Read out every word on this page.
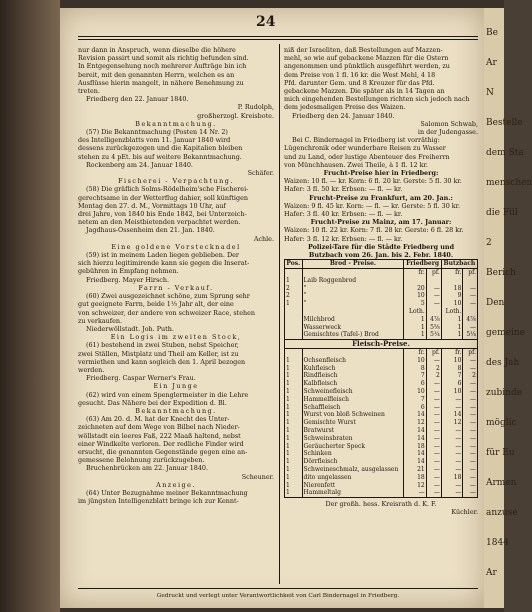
24

nur dann in Anspruch, wenn dieselbe die höhere

Revision passirt und somit als richtig befunden sind.

In Entgegensehung noch mehrerer Aufträge bin ich

bereit, mit den genannten Herrn, welchen es an

Ausflüsse hierin mangelt, in nähere Benehmung zu

treten.

Friedberg den 22. Januar 1840.

P. Rudolph,

großherzogl. Kreisbote.

Bekanntmachung.

(57) Die Bekanntmachung (Posten 14 Nr. 2)

des Intelligenzblatts vom 11. Januar 1840 wird

dessens zurückgezogen und die Kapitalien bleiben

stehen zu 4 pEt. bis auf weitere Bekanntmachung.

Rockenberg am 24. Januar 1840.

Schäfer.

Fischerei - Verpachtung.

(58) Die gräflich Solms-Rödelheim'sche Fischerei-

gerechtsame in der Wetterflug dahier, soll künftigen

Montag den 27. d. M., Vormittags 10 Uhr, auf

drei Jahre, von 1840 bis Ende 1842, bei Unterzeich-

netem an den Meistbietenden verpachtet werden.

Jagdhaus-Ossenheim den 21. Jan. 1840.

Achle.

Eine goldene Vorstecknadel

(59) ist in meinem Laden liegen geblieben. Der

sich hierzu legitimirende kann sie gegen die Inserat-

gebühren in Empfang nehmen.

Friedberg. Mayer Hirsch.

Farrn - Verkauf.

(60) Zwei ausgezeichnet schöne, zum Sprung sehr

gut geeignete Farrn, beide 1⅓ Jahr alt, der eine

von schweizer, der andere von schweizer Race, stehen

zu verkaufen.

Niederwöllstadt. Joh. Puth.

Ein Logis im zweiten Stock,

(61) bestehend in zwei Stuben, nebst Speicher,

zwei Ställen, Mistplatz und Theil am Keller, ist zu

vermiethen und kann sogleich den 1. April bezogen

werden.

Friedberg. Caspar Werner's Frau.

Ein Junge

(62) wird von einem Spenglermeister in die Lehre

gesucht. Das Nähere bei der Expedition d. Bl.

Bekanntmachung.

(63) Am 20. d. M. hat der Knecht des Unter-

zeichneten auf dem Wege von Bilbel nach Nieder-

wöllstadt ein leeres Faß, 222 Maaß haltend, nebst

einer Windkelte verloren. Der redliche Finder wird

ersucht, die genannten Gegenstände gegen eine an-

gemessene Belohnung zurückzugeben.

Bruchenbrücken am 22. Januar 1840.

Scheuner.

Anzeige.

(64) Unter Bezugnahme meiner Bekanntmachung

im jüngsten Intelligenzblatt bringe ich zur Kennt-

niß der Israeliten, daß Bestellungen auf Mazzen-

mehl, so wie auf gebackene Mazzen für die Ostern

angenommen und pünktlich ausgeführt werden, zu

dem Preise von 1 fl. 16 kr. die West Mehl, 4 18

Pfd. darunter Gem. und 8 Kreuzer für das Pfd.

gebackene Mazzen. Die später als in 14 Tagen an

mich eingehenden Bestellungen richten sich jedoch nach

dem jedesmaligen Preise des Waizen.

Friedberg den 24. Januar 1840.

Salomon Schwab,

in der Judengasse.

Bei C. Bindernagel in Friedberg ist vorräthig:

Lügenchronik oder wunderbare Reisen zu Wasser

und zu Land, oder lustige Abenteuer des Freiherrn

von Münchhausen. Zwei Theile, à 1 fl. 12 kr.

Frucht-Preise hier in Friedberg:

Waizen: 10 fl. — kr. Korn: 6 fl. 20 kr. Gerste: 5 fl. 30 kr.

Hafer: 3 fl. 50 kr. Erbsen: — fl. — kr.

Frucht-Preise zu Frankfurt, am 20. Jan.:

Waizen: 9 fl. 45 kr. Korn: — fl. — kr. Gerste: 5 fl. 30 kr.

Hafer: 3 fl. 40 kr. Erbsen: — fl. — kr.

Frucht-Preise zu Mainz, am 17. Januar:

Waizen: 10 fl. 22 kr. Korn: 7 fl. 28 kr. Gerste: 6 fl. 28 kr.

Hafer: 3 fl. 12 kr. Erbsen: — fl. — kr.

Polizei-Tare für die Städte Friedberg und

Butzbach vom 26. Jan. bis 2. Febr. 1840.

Pos.	Brod - Preise.	Friedberg		Butzbach	
		fr.	pf.	fr.	pf.
1	Laib Roggenbrod				
2	"	20	—	18	—
2	"	10	—	9	—
1	"	5	—	10	—
		Loth.		Loth.	
	Milchbrod	1	4⅞	1	4⅞
	Wasserweck	1	5⅝	1	—
	Gemischtes (Tafel-) Brod	1	5¼	1	5¼
Fleisch-Preise.					
		fr.	pf.	fr.	pf.
1	Ochsenfleisch	10	—	10	—
1	Kuhfleisch	8	2	8	—
1	Rindfleisch	7	2	7	2
1	Kalbfleisch	6	—	6	—
1	Schweinefleisch	10	—	10	—
1	Hammelfleisch	7	—	—	—
1	Schaffleisch	6	—	—	—
1	Wurst von bloß Schweinen	14	—	14	—
1	Gemischte Wurst	12	—	12	—
1	Bratwurst	14	—	—	—
1	Schweinsbraten	14	—	—	—
1	Geräucherter Speck	18	—	—	—
1	Schinken	14	—	—	—
1	Dörrfleisch	14	—	—	—
1	Schweineschmalz, ausgelassen	21	—	—	—
1	dito ungelassen	18	—	18	—
1	Nierenfett	12	—	—	—
1	Hammeltalg	—	—	—	—

Der großh. hess. Kreisrath d. K. F.

Küchler.

Gedruckt und verlegt unter Verantwortlichkeit von Carl Bindernagel in Friedberg.
Be
Ar
N
Bestelle
dem Sta
menschen
die Fül
2
Berich
Den
gemeine
des Jah
zubinde
möglic
für Eu
Armen
anzuse
1844
Ar
